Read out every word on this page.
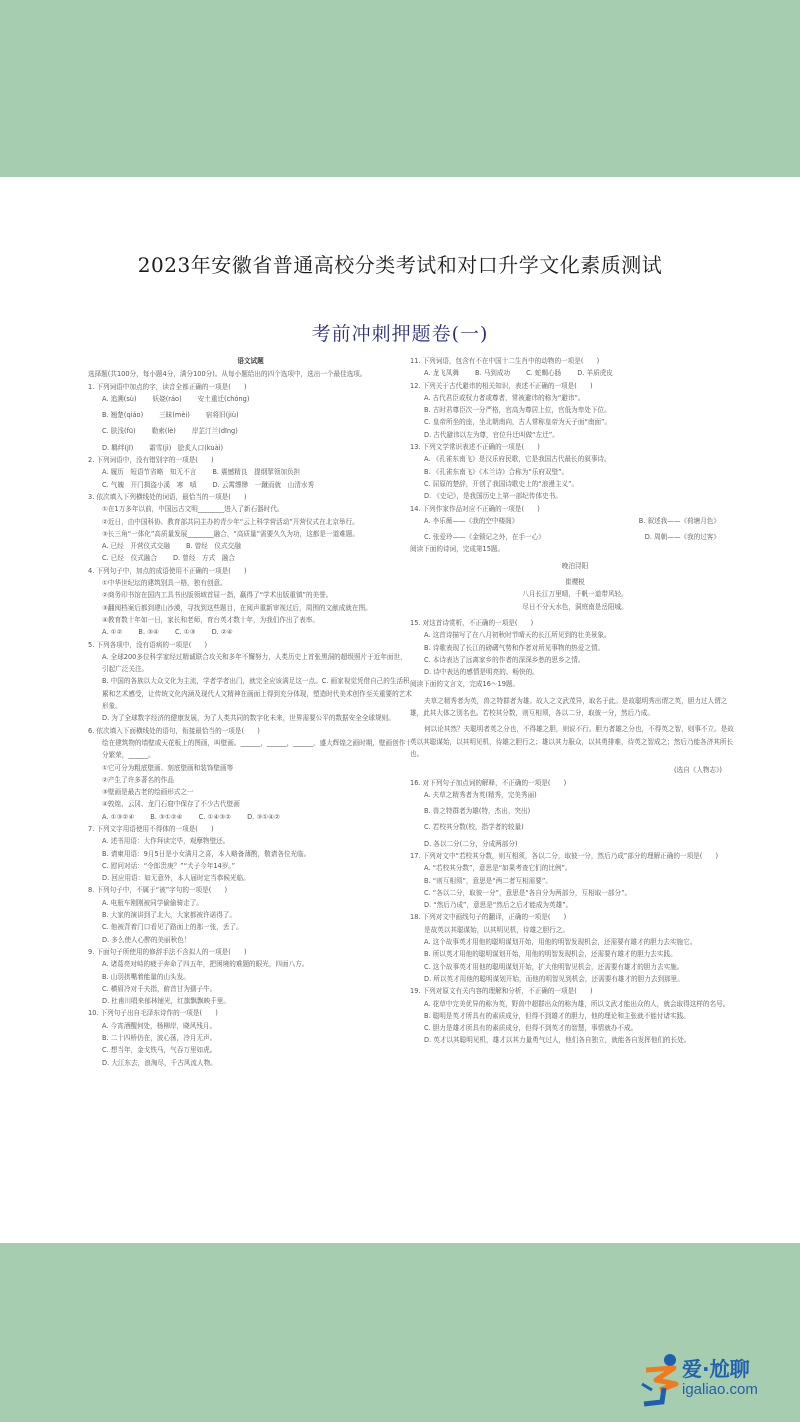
2023年安徽省普通高校分类考试和对口升学文化素质测试
考前冲刺押题卷(一)
语文试题
选择题(共100分，每小题4分，满分100分)。从每小题给出的四个选项中，选出一个最佳选项。
1. 下列词语中加点的字，读音全都正确的一项是(　　)
A. 追溯(sù) 妖娆(ráo) 安土重迁(chóng)
B. 翘楚(qiáo) 三昧(mèi) 宿将旧(jiù)
C. 肤浅(fū) 勒索(lè) 岸芷汀兰(dīng)
D. 羁绊(jī) 霜雪(jì)　脍炙人口(kuài)
2. 下列词语中，没有错别字的一项是(　　)
A. 履历　短语节省略　知无不言 B. 震憾精良　提纲挈领加负担
C. 气魄　开门揖盗小溪　寒　嗔 D. 云霄缥缈　一蹴而就　山清水秀
3. 依次填入下列横线处的词语，最恰当的一项是(　　)
①在1万多年以前，中国远古文明________进入了新石器时代。
②近日，由中国科协、教育部共同主办的青少年“云上科学营活动”开营仪式在北京举行。
③长三角“一体化”高质量发展________融合，“高质量”需要久久为功，这都是一道难题。
A. 已经　开营仪式交融 B. 曾经　仪式交融
C. 已经　仪式融合 D. 曾经　方式　融合
4. 下列句子中，加点的成语使用不正确的一项是(　　)
①中华世纪坛的建筑别具一格，独有创意。
②商务印书馆在国内工具书出版领域首屈一指，赢得了“学术出版重镇”的美誉。
③翻阅档案后都到建山沙漠，寻找到这些题目，在阅声重新审视过后，周围的文献成就在图。
④教育数十年如一日，家长和老师，育台英才数十年，为我们作出了表率。
A. ①② B. ③④ C. ①③ D. ②④
5. 下列各项中，没有语病的一项是(　　)
A. 全球200多位科学家经过精诚联合攻关和多年不懈努力，人类历史上首张黑洞的超级照片于近年面世，引起广泛关注。
B. 中国的各族以大众文化为主流，学者学者出门，就完全应该满足这一点。C. 画家视觉凭借自己的生活积累和艺术感受，让传统文化内涵及现代人文精神在画面上得到充分体现，塑造时代美术创作至关重要的艺术形象。
D. 为了全球数字经济的健康发展，为了人类共同的数字化未来，世界需要公平的数据安全全球规则。
6. 依次填入下面横线处的语句，衔接最恰当的一项是(　　)
绘在建筑物的墙壁或天花板上的图画，叫壁画。______，______，______，盛大辉煌之画时期，壁画创作十分繁荣，______。
①它可分为粗底壁画、刻底壁画和装饰壁画等
②产生了许多著名的作品
③壁画是最古老的绘画形式之一
④敦煌、云冈、龙门石窟中保存了不少古代壁画
A. ①③②④ B. ③①②④ C. ①④③② D. ③①④②
7. 下列文字用语使用不得体的一项是(　　)
A. 述书用语：大作拜读完毕，观摩物璧还。
B. 请柬用语：9月5日是小女满月之喜，本人略备薄酌，敬请各位光临。
C. 慰问对话：“令郎贵庚？”“犬子今年14岁。”
D. 回应用语：如无意外，本人届时定当恭候光临。
8. 下列句子中，不属于“被”字句的一项是(　　)
A. 电瓶车刚刚被同学偷偷骑走了。
B. 大家的演讲到了北大，大家都被许诺得了。
C. 他被背着门口看见了路面上的那一张，丢了。
D. 多么使人心醉的美丽秋色！
9. 下面句子所使用的修辞手法不含拟人的一项是(　　)
A. 诸葛亮对峙的疲于奔命了四五年，把困境的难题的眼光，四面八方。
B. 山羽拱嘴着能量的山头发。
C. 横眉冷对千夫指，俯首甘为孺子牛。
D. 杜甫川唱来郁林铺光，红旗飘飘映千里。
10. 下列句子出自毛泽东诗作的一项是(　　)
A. 今宵酒醒何处，杨柳岸，晓风残月。
B. 二十四桥仍在，波心荡，冷月无声。
C. 想当年，金戈铁马，气吞万里如虎。
D. 大江东去，浪淘尽，千古风流人物。
11. 下列词语，包含有不在中国十二生肖中的动物的一项是(　　)
A. 龙飞凤舞 B. 马到成功 C. 蛇蝎心肠 D. 羊质虎皮
12. 下列关于古代避讳的相关知识，表述不正确的一项是(　　)
A. 古代君臣或权力者或尊者，常被避讳的称为“避讳”。
B. 古时君尊臣次一分严格，官高为尊居上位，官低为卑处下位。
C. 皇帝所坐的座，坐北朝南向，古人常称皇帝为天子面“南面”。
D. 古代避讳以左为尊，官位升迁叫做“左迁”。
13. 下列文学常识表述不正确的一项是(　　)
A. 《孔雀东南飞》是汉乐府民歌，它是我国古代最长的叙事诗。
B. 《孔雀东南飞》《木兰诗》合称为“乐府双璧”。
C. 屈原的楚辞，开创了我国诗歌史上的“浪漫主义”。
D. 《史记》，是我国历史上第一部纪传体史书。
14. 下列作家作品对应不正确的一项是(　　)
A. 李乐薇——《我的空中楼阁》	B. 叙述我——《荷塘月色》
C. 张爱玲——《金锁记之外，在手一心》	D. 周朝——《我的过客》
阅读下面的诗词，完成第15题。
晚泊浔阳
崔樱棁
八月长江万里晴，千帆一道带风轻。
尽日不分天水色，洞庭南是岳阳城。
15. 对这首诗赏析，不正确的一项是(　　)
A. 这首诗描写了在八月初秋时节晴天的长江所见到的壮美景象。
B. 诗歌表现了长江的磅礴气势和作者对所见事物的热爱之情。
C. 本诗表达了远离家乡的作者的深深乡愁的思乡之情。
D. 诗中表达的感情是明亮的、畅快的。
阅读下面的文言文，完成16～19题。
夫草之精秀者为英，兽之特群者为雄。故人之文武茂异，取名于此。是故聪明秀出谓之英，胆力过人谓之雄，此其大体之别名也。若校其分数，则互相须，各以二分，取彼一分，然后乃成。
何以论其然？夫聪明者英之分也，不得雄之胆，则说不行。胆力者雄之分也，不得英之智，则事不立。是故英以其聪谋始，以其明见机，待雄之胆行之；雄以其力服众，以其勇排难，待英之智成之；然后乃能各济其所长也。
(选自《人物志》)
16. 对下列句子加点词的解释，不正确的一项是(　　)
A. 夫草之精秀者为英(精秀，完美秀丽)
B. 兽之特群者为雄(特，杰出，突出)
C. 若校其分数(校，指学者的较量)
D. 各以二分(二分，分成两部分)
17. 下列对文中“若校其分数，则互相须，各以二分，取彼一分，然后乃成”部分的理解正确的一项是(　　)
A. “若校其分数”，意思是“如果考查它们的比例”。
B. “则互相须”，意思是“两二者互相需要”。
C. “各以二分，取彼一分”，意思是“各自分为两部分，互相取一部分”。
D. “然后乃成”，意思是“然后之后才能成为英雄”。
18. 下列对文中画线句子的翻译，正确的一项是(　　)
是故英以其聪谋始，以其明见机，待雄之胆行之。
A. 这个故事英才用他的聪明谋划开始，用他的明智发现机会，还需要有雄才的胆力去实施它。
B. 所以英才用他的聪明谋划开始，用他的明智发现机会，还需要有雄才的胆力去实践。
C. 这个故事英才用他的聪明谋划开始，扩大他明智见机会，还需要有雄才的胆力去实施。
D. 所以英才用他的聪明谋划开始，而他的明智见到机会，还需要有雄才的胆力去到那里。
19. 下列对原文有关内容的理解和分析，不正确的一项是(　　)
A. 花草中完美优异的称为英，野兽中超群出众的称为雄，所以文武才能出众的人，就会取得这样的名号。
B. 聪明是英才所具有的素质成分，但得不到雄才的胆力，他的理论和主张就不能付诸实践。
C. 胆力是雄才所具有的素质成分，但得不到英才的智慧，事情就办不成。
D. 英才以其聪明见机，雄才以其力量勇气过人，他们各自独立，就能各自发挥他们的长处。
爱·尬聊
igaliao.com
